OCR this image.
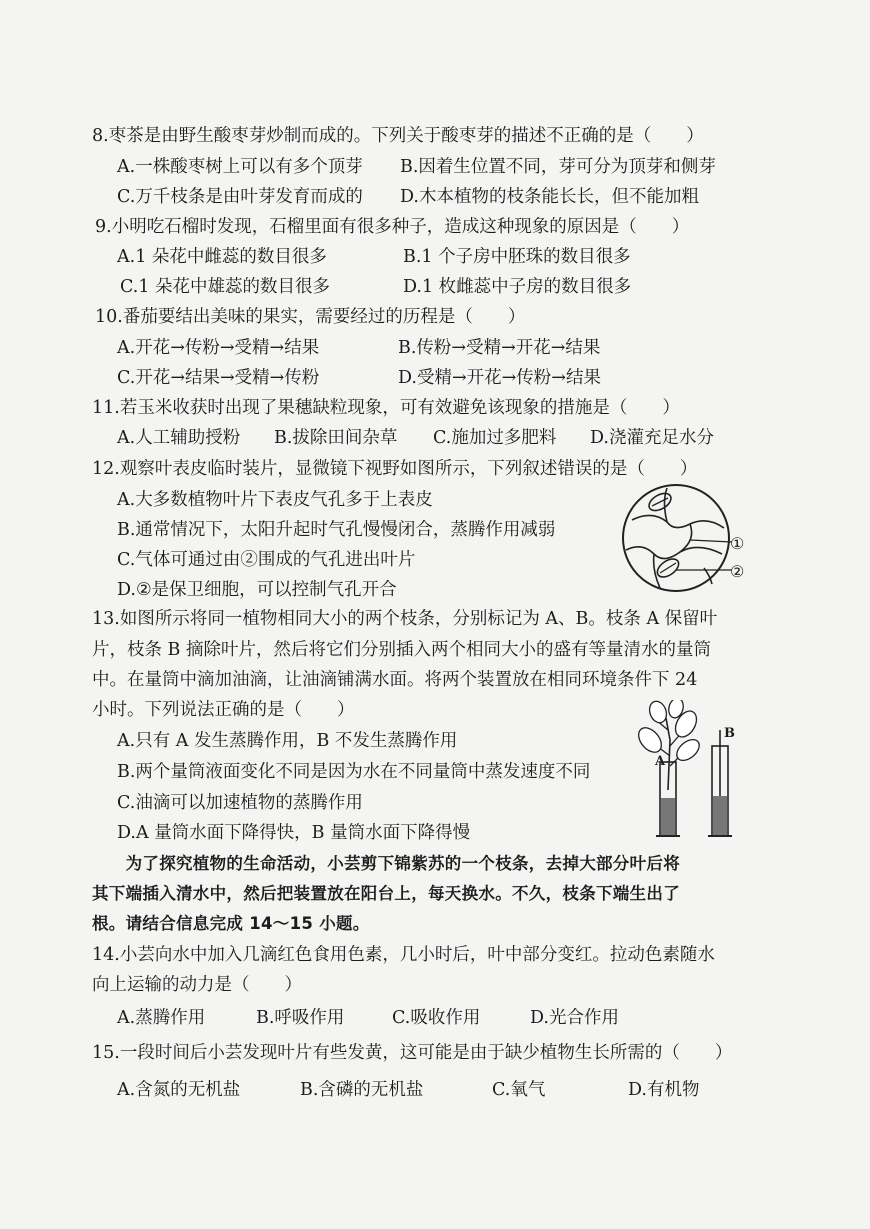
8.枣茶是由野生酸枣芽炒制而成的。下列关于酸枣芽的描述不正确的是（　　）
A.一株酸枣树上可以有多个顶芽 B.因着生位置不同，芽可分为顶芽和侧芽
C.万千枝条是由叶芽发育而成的 D.木本植物的枝条能长长，但不能加粗
9.小明吃石榴时发现，石榴里面有很多种子，造成这种现象的原因是（　　）
A.1 朵花中雌蕊的数目很多	B.1 个子房中胚珠的数目很多
C.1 朵花中雄蕊的数目很多	D.1 枚雌蕊中子房的数目很多
10.番茄要结出美味的果实，需要经过的历程是（　　）
A.开花→传粉→受精→结果	B.传粉→受精→开花→结果
C.开花→结果→受精→传粉	D.受精→开花→传粉→结果
11.若玉米收获时出现了果穗缺粒现象，可有效避免该现象的措施是（　　）
A.人工辅助授粉 B.拔除田间杂草 C.施加过多肥料 D.浇灌充足水分
12.观察叶表皮临时装片，显微镜下视野如图所示，下列叙述错误的是（　　）
A.大多数植物叶片下表皮气孔多于上表皮
B.通常情况下，太阳升起时气孔慢慢闭合，蒸腾作用减弱
C.气体可通过由②围成的气孔进出叶片
D.②是保卫细胞，可以控制气孔开合
①
②
13.如图所示将同一植物相同大小的两个枝条，分别标记为 A、B。枝条 A 保留叶
片，枝条 B 摘除叶片，然后将它们分别插入两个相同大小的盛有等量清水的量筒
中。在量筒中滴加油滴，让油滴铺满水面。将两个装置放在相同环境条件下 24
小时。下列说法正确的是（　　）
A.只有 A 发生蒸腾作用，B 不发生蒸腾作用
B.两个量筒液面变化不同是因为水在不同量筒中蒸发速度不同
C.油滴可以加速植物的蒸腾作用
D.A 量筒水面下降得快，B 量筒水面下降得慢
A
B
　　为了探究植物的生命活动，小芸剪下锦紫苏的一个枝条，去掉大部分叶后将
其下端插入清水中，然后把装置放在阳台上，每天换水。不久，枝条下端生出了
根。请结合信息完成 14～15 小题。
14.小芸向水中加入几滴红色食用色素，几小时后，叶中部分变红。拉动色素随水
向上运输的动力是（　　）
A.蒸腾作用	B.呼吸作用	C.吸收作用	D.光合作用
15.一段时间后小芸发现叶片有些发黄，这可能是由于缺少植物生长所需的（　　）
A.含氮的无机盐	B.含磷的无机盐	C.氧气	D.有机物
